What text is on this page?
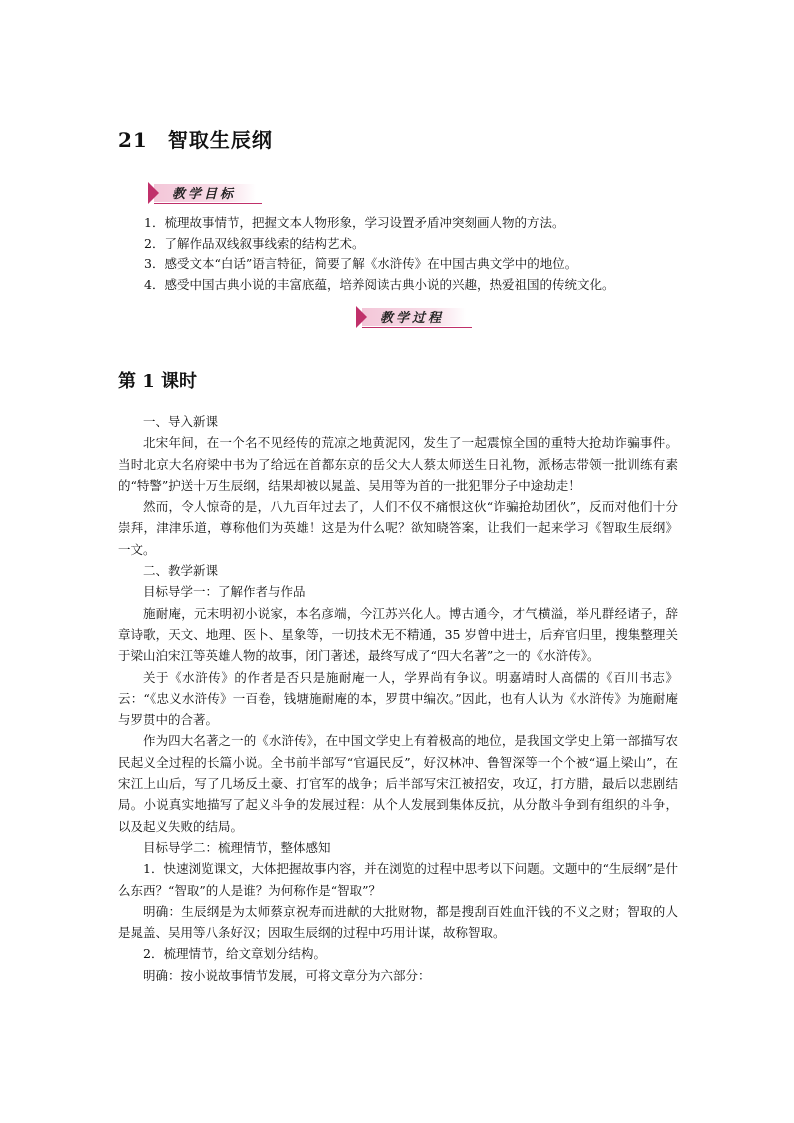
21 智取生辰纲
教学目标
1．梳理故事情节，把握文本人物形象，学习设置矛盾冲突刻画人物的方法。
2．了解作品双线叙事线索的结构艺术。
3．感受文本“白话”语言特征，简要了解《水浒传》在中国古典文学中的地位。
4．感受中国古典小说的丰富底蕴，培养阅读古典小说的兴趣，热爱祖国的传统文化。
教学过程
第 1 课时

一、导入新课

北宋年间，在一个名不见经传的荒凉之地黄泥冈，发生了一起震惊全国的重特大抢劫诈骗事件。当时北京大名府梁中书为了给远在首都东京的岳父大人蔡太师送生日礼物，派杨志带领一批训练有素的“特警”护送十万生辰纲，结果却被以晁盖、吴用等为首的一批犯罪分子中途劫走！

然而，令人惊奇的是，八九百年过去了，人们不仅不痛恨这伙“诈骗抢劫团伙”，反而对他们十分崇拜，津津乐道，尊称他们为英雄！这是为什么呢？欲知晓答案，让我们一起来学习《智取生辰纲》一文。

二、教学新课

目标导学一：了解作者与作品

施耐庵，元末明初小说家，本名彦端，今江苏兴化人。博古通今，才气横溢，举凡群经诸子，辞章诗歌，天文、地理、医卜、星象等，一切技术无不精通，35 岁曾中进士，后弃官归里，搜集整理关于梁山泊宋江等英雄人物的故事，闭门著述，最终写成了“四大名著”之一的《水浒传》。

关于《水浒传》的作者是否只是施耐庵一人，学界尚有争议。明嘉靖时人高儒的《百川书志》云：“《忠义水浒传》一百卷，钱塘施耐庵的本，罗贯中编次。”因此，也有人认为《水浒传》为施耐庵与罗贯中的合著。

作为四大名著之一的《水浒传》，在中国文学史上有着极高的地位，是我国文学史上第一部描写农民起义全过程的长篇小说。全书前半部写“官逼民反”，好汉林冲、鲁智深等一个个被“逼上梁山”，在宋江上山后，写了几场反土豪、打官军的战争；后半部写宋江被招安，攻辽，打方腊，最后以悲剧结局。小说真实地描写了起义斗争的发展过程：从个人发展到集体反抗，从分散斗争到有组织的斗争，以及起义失败的结局。

目标导学二：梳理情节，整体感知

1．快速浏览课文，大体把握故事内容，并在浏览的过程中思考以下问题。文题中的“生辰纲”是什么东西？“智取”的人是谁？为何称作是“智取”？

明确：生辰纲是为太师蔡京祝寿而进献的大批财物，都是搜刮百姓血汗钱的不义之财；智取的人是晁盖、吴用等八条好汉；因取生辰纲的过程中巧用计谋，故称智取。

2．梳理情节，给文章划分结构。

明确：按小说故事情节发展，可将文章分为六部分：
